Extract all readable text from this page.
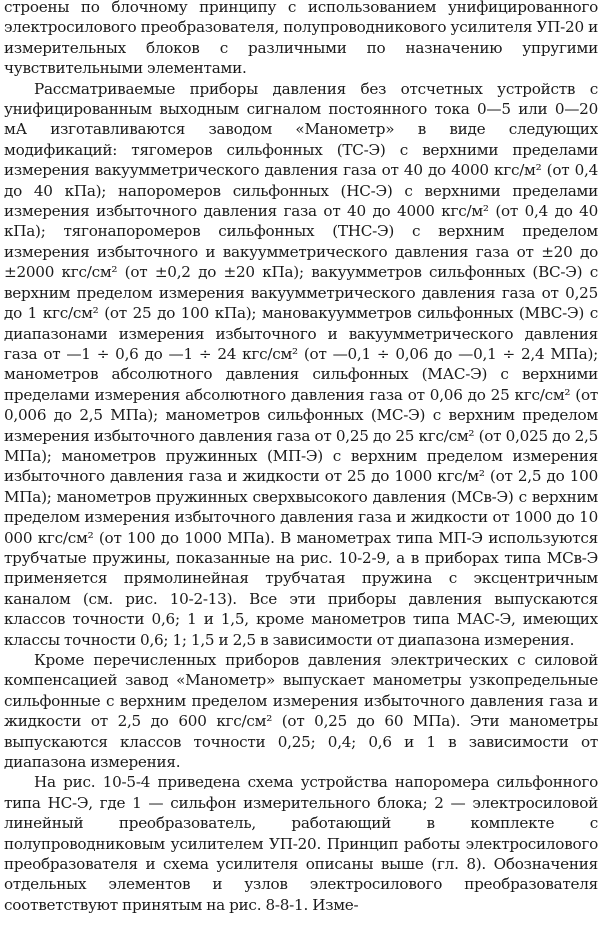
строены по блочному принципу с использованием унифицированного электросилового преобразователя, полупроводникового усилителя УП-20 и измерительных блоков с различными по назначению упругими чувствительными элементами.

Рассматриваемые приборы давления без отсчетных устройств с унифицированным выходным сигналом постоянного тока 0—5 или 0—20 мА изготавливаются заводом «Манометр» в виде следующих модификаций: тягомеров сильфонных (ТС-Э) с верхними пределами измерения вакуумметрического давления газа от 40 до 4000 кгс/м² (от 0,4 до 40 кПа); напоромеров сильфонных (НС-Э) с верхними пределами измерения избыточного давления газа от 40 до 4000 кгс/м² (от 0,4 до 40 кПа); тягонапоромеров сильфонных (ТНС-Э) с верхним пределом измерения избыточного и вакуумметрического давления газа от ±20 до ±2000 кгс/см² (от ±0,2 до ±20 кПа); вакуумметров сильфонных (ВС-Э) с верхним пределом измерения вакуумметрического давления газа от 0,25 до 1 кгс/см² (от 25 до 100 кПа); мановакуумметров сильфонных (МВС-Э) с диапазонами измерения избыточного и вакуумметрического давления газа от —1 ÷ 0,6 до —1 ÷ 24 кгс/см² (от —0,1 ÷ 0,06 до —0,1 ÷ 2,4 МПа); манометров абсолютного давления сильфонных (МАС-Э) с верхними пределами измерения абсолютного давления газа от 0,06 до 25 кгс/см² (от 0,006 до 2,5 МПа); манометров сильфонных (МС-Э) с верхним пределом измерения избыточного давления газа от 0,25 до 25 кгс/см² (от 0,025 до 2,5 МПа); манометров пружинных (МП-Э) с верхним пределом измерения избыточного давления газа и жидкости от 25 до 1000 кгс/м² (от 2,5 до 100 МПа); манометров пружинных сверхвысокого давления (МСв-Э) с верхним пределом измерения избыточного давления газа и жидкости от 1000 до 10 000 кгс/см² (от 100 до 1000 МПа). В манометрах типа МП-Э используются трубчатые пружины, показанные на рис. 10-2-9, а в приборах типа МСв-Э применяется прямолинейная трубчатая пружина с эксцентричным каналом (см. рис. 10-2-13). Все эти приборы давления выпускаются классов точности 0,6; 1 и 1,5, кроме манометров типа МАС-Э, имеющих классы точности 0,6; 1; 1,5 и 2,5 в зависимости от диапазона измерения.

Кроме перечисленных приборов давления электрических с силовой компенсацией завод «Манометр» выпускает манометры узкопредельные сильфонные с верхним пределом измерения избыточного давления газа и жидкости от 2,5 до 600 кгс/см² (от 0,25 до 60 МПа). Эти манометры выпускаются классов точности 0,25; 0,4; 0,6 и 1 в зависимости от диапазона измерения.

На рис. 10-5-4 приведена схема устройства напоромера сильфонного типа НС-Э, где 1 — сильфон измерительного блока; 2 — электросиловой линейный преобразователь, работающий в комплекте с полупроводниковым усилителем УП-20. Принцип работы электросилового преобразователя и схема усилителя описаны выше (гл. 8). Обозначения отдельных элементов и узлов электросилового преобразователя соответствуют принятым на рис. 8-8-1. Изме-
